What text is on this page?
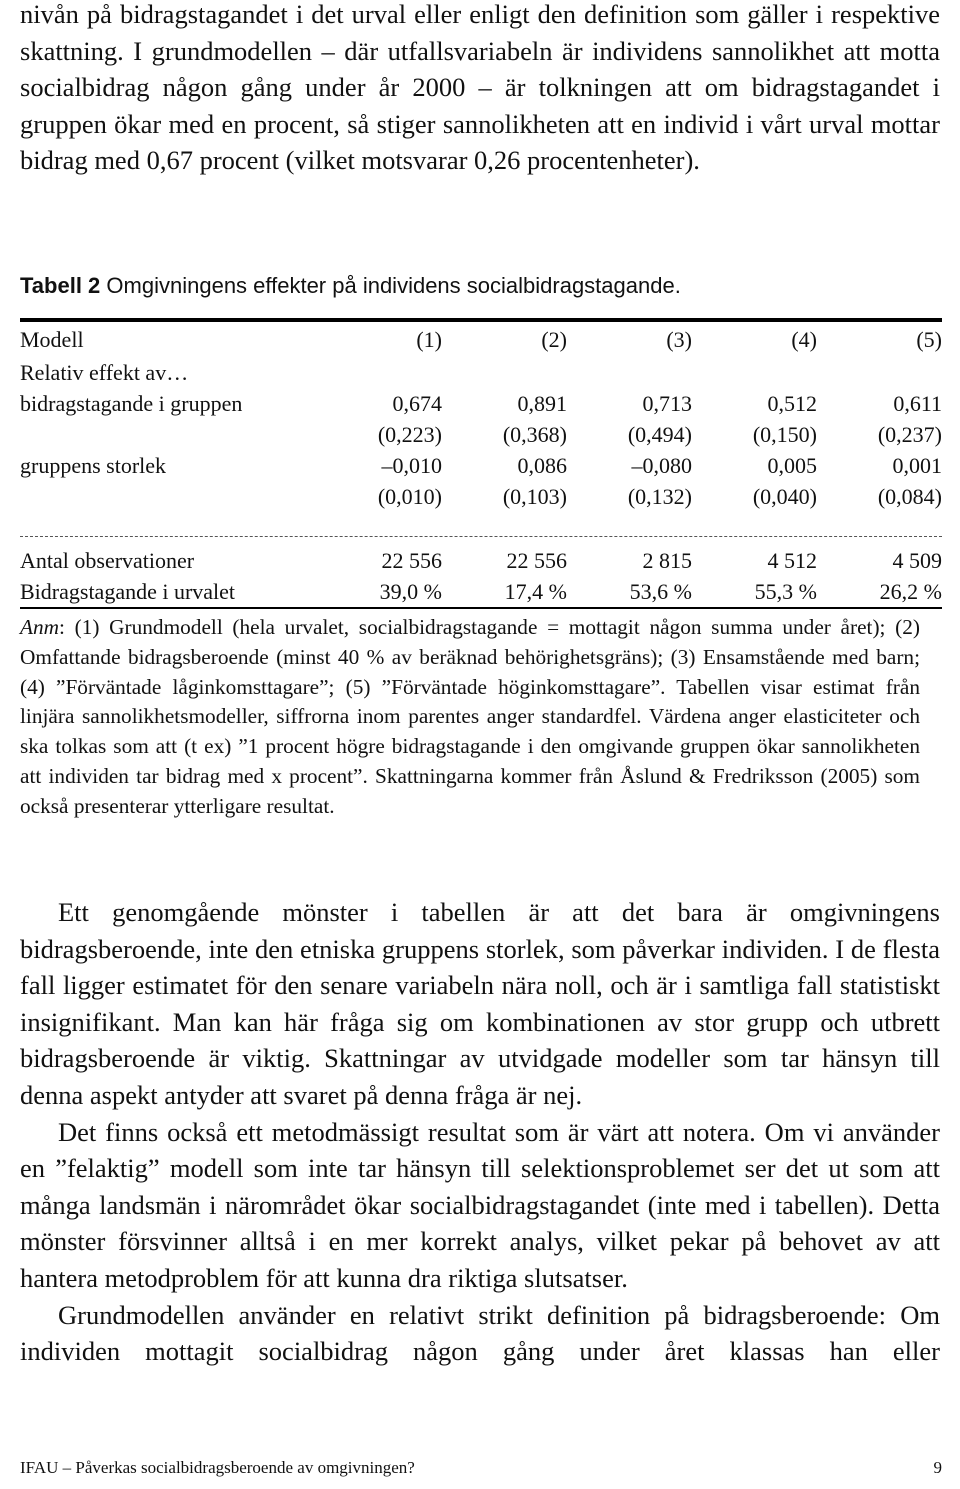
nivån på bidragstagandet i det urval eller enligt den definition som gäller i respektive skattning. I grundmodellen – där utfallsvariabeln är individens sannolikhet att motta socialbidrag någon gång under år 2000 – är tolkningen att om bidragstagandet i gruppen ökar med en procent, så stiger sannolikheten att en individ i vårt urval mottar bidrag med 0,67 procent (vilket motsvarar 0,26 procentenheter).

Tabell 2 Omgivningens effekter på individens socialbidragstagande.

Modell	(1)	(2)	(3)	(4)	(5)
Relativ effekt av…					
bidragstagande i gruppen	0,674	0,891	0,713	0,512	0,611
	(0,223)	(0,368)	(0,494)	(0,150)	(0,237)
gruppens storlek	–0,010	0,086	–0,080	0,005	0,001
	(0,010)	(0,103)	(0,132)	(0,040)	(0,084)
Antal observationer	22 556	22 556	2 815	4 512	4 509
Bidragstagande i urvalet	39,0 %	17,4 %	53,6 %	55,3 %	26,2 %

Anm: (1) Grundmodell (hela urvalet, socialbidragstagande = mottagit någon summa under året); (2) Omfattande bidragsberoende (minst 40 % av beräknad behörighetsgräns); (3) Ensamstående med barn; (4) ”Förväntade låginkomsttagare”; (5) ”Förväntade höginkomsttagare”. Tabellen visar estimat från linjära sannolikhetsmodeller, siffrorna inom parentes anger standardfel. Värdena anger elasticiteter och ska tolkas som att (t ex) ”1 procent högre bidragstagande i den omgivande gruppen ökar sannolikheten att individen tar bidrag med x procent”. Skattningarna kommer från Åslund & Fredriksson (2005) som också presenterar ytterligare resultat.

Ett genomgående mönster i tabellen är att det bara är omgivningens bidragsberoende, inte den etniska gruppens storlek, som påverkar individen. I de flesta fall ligger estimatet för den senare variabeln nära noll, och är i samtliga fall statistiskt insignifikant. Man kan här fråga sig om kombinationen av stor grupp och utbrett bidragsberoende är viktig. Skattningar av utvidgade modeller som tar hänsyn till denna aspekt antyder att svaret på denna fråga är nej.

Det finns också ett metodmässigt resultat som är värt att notera. Om vi använder en ”felaktig” modell som inte tar hänsyn till selektionsproblemet ser det ut som att många landsmän i närområdet ökar socialbidragstagandet (inte med i tabellen). Detta mönster försvinner alltså i en mer korrekt analys, vilket pekar på behovet av att hantera metodproblem för att kunna dra riktiga slutsatser.

Grundmodellen använder en relativt strikt definition på bidragsberoende: Om individen mottagit socialbidrag någon gång under året klassas han eller

IFAU – Påverkas socialbidragsberoende av omgivningen?	9
